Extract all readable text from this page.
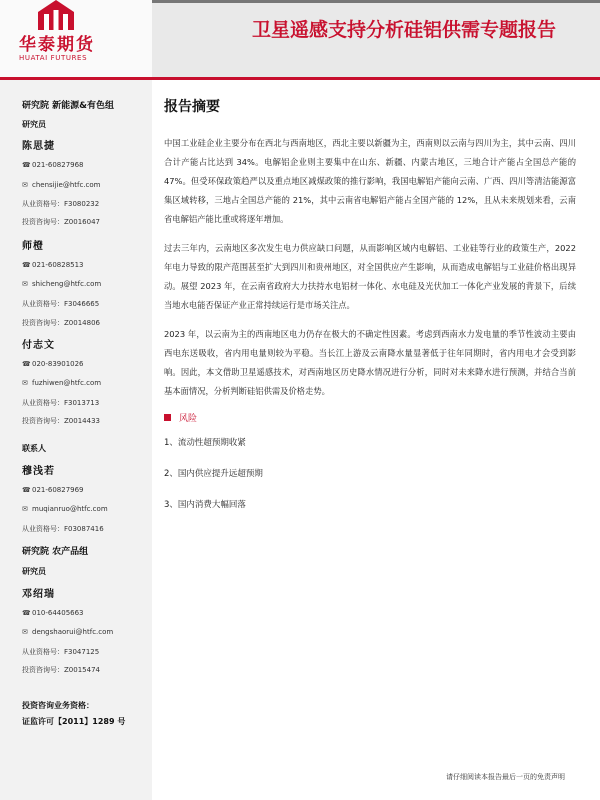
华泰期货
HUATAI FUTURES
卫星遥感支持分析硅铝供需专题报告
研究院 新能源&有色组
研究员
陈思捷
☎021-60827968
✉ chensijie@htfc.com
从业资格号：F3080232
投资咨询号：Z0016047
师橙
☎021-60828513
✉ shicheng@htfc.com
从业资格号：F3046665
投资咨询号：Z0014806
付志文
☎020-83901026
✉ fuzhiwen@htfc.com
从业资格号：F3013713
投资咨询号：Z0014433
联系人
穆浅若
☎021-60827969
✉ muqianruo@htfc.com
从业资格号：F03087416
研究院 农产品组
研究员
邓绍瑞
☎010-64405663
✉ dengshaorui@htfc.com
从业资格号：F3047125
投资咨询号：Z0015474
投资咨询业务资格：
证监许可【2011】1289 号
报告摘要

中国工业硅企业主要分布在西北与西南地区，西北主要以新疆为主，西南则以云南与四川为主，其中云南、四川合计产能占比达到 34%。电解铝企业则主要集中在山东、新疆、内蒙古地区，三地合计产能占全国总产能的 47%。但受环保政策趋严以及重点地区减煤政策的推行影响，我国电解铝产能向云南、广西、四川等清洁能源富集区域转移，三地占全国总产能的 21%，其中云南省电解铝产能占全国产能的 12%，且从未来规划来看，云南省电解铝产能比重或将逐年增加。

过去三年内，云南地区多次发生电力供应缺口问题，从而影响区域内电解铝、工业硅等行业的政策生产，2022 年电力导致的限产范围甚至扩大到四川和贵州地区，对全国供应产生影响，从而造成电解铝与工业硅价格出现异动。展望 2023 年，在云南省政府大力扶持水电铝材一体化、水电硅及光伏加工一体化产业发展的背景下，后续当地水电能否保证产业正常持续运行是市场关注点。

2023 年，以云南为主的西南地区电力仍存在极大的不确定性因素。考虑到西南水力发电量的季节性波动主要由西电东送吸收，省内用电量则较为平稳。当长江上游及云南降水量显著低于往年同期时，省内用电才会受到影响。因此，本文借助卫星遥感技术，对西南地区历史降水情况进行分析，同时对未来降水进行预测，并结合当前基本面情况，分析判断硅铝供需及价格走势。

风险
1、流动性超预期收紧
2、国内供应提升远超预期
3、国内消费大幅回落
请仔细阅读本报告最后一页的免责声明
